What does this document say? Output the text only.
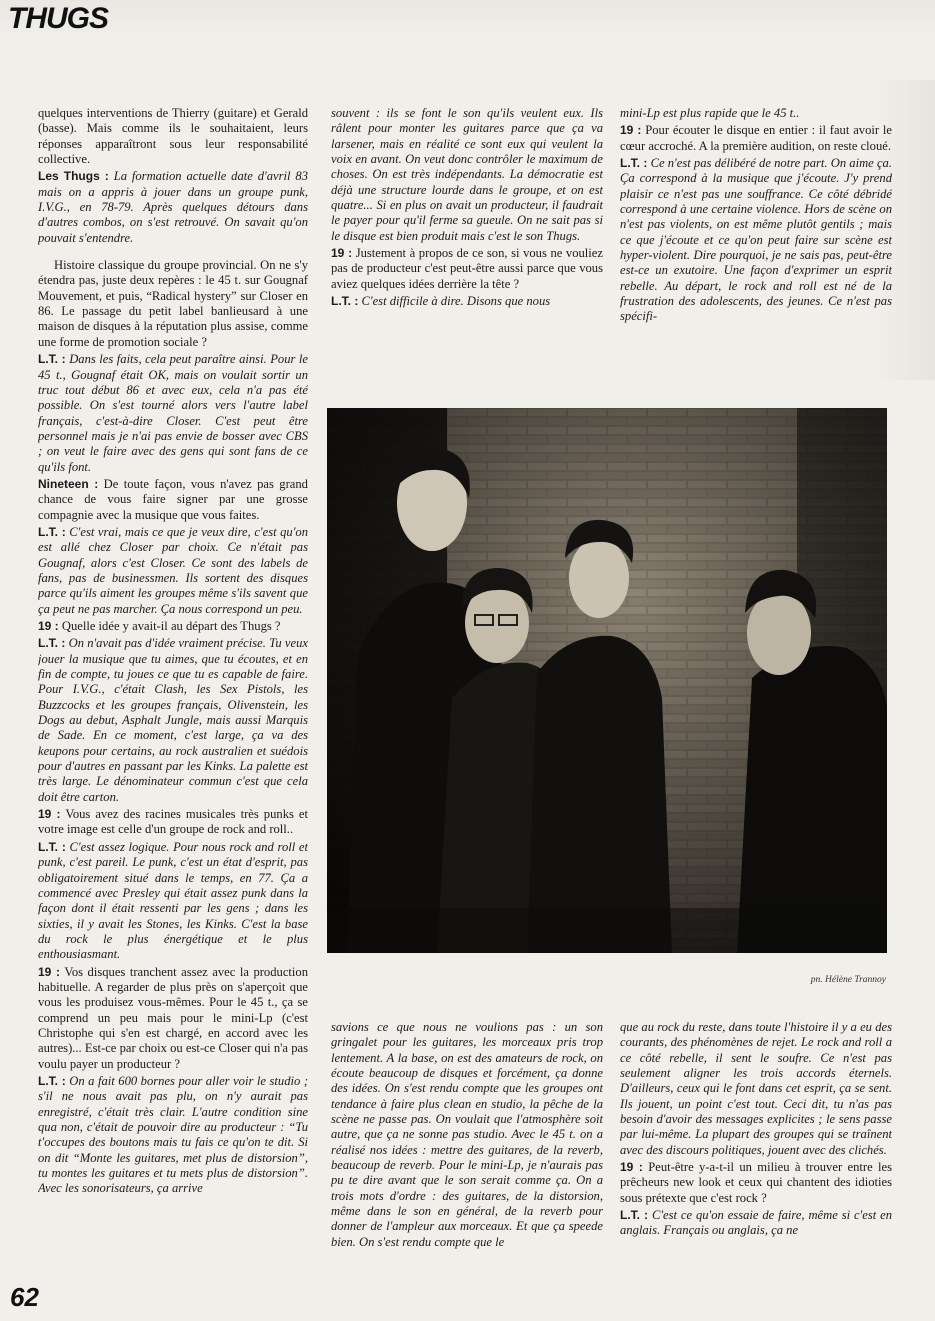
THUGS

quelques interventions de Thierry (guitare) et Gerald (basse). Mais comme ils le souhaitaient, leurs réponses apparaîtront sous leur responsabilité collective.

Les Thugs : La formation actuelle date d'avril 83 mais on a appris à jouer dans un groupe punk, I.V.G., en 78-79. Après quelques détours dans d'autres combos, on s'est retrouvé. On savait qu'on pouvait s'entendre.

Histoire classique du groupe provincial. On ne s'y étendra pas, juste deux repères : le 45 t. sur Gougnaf Mouvement, et puis, “Radical hystery” sur Closer en 86. Le passage du petit label banlieusard à une maison de disques à la réputation plus assise, comme une forme de promotion sociale ?

L.T. : Dans les faits, cela peut paraître ainsi. Pour le 45 t., Gougnaf était OK, mais on voulait sortir un truc tout début 86 et avec eux, cela n'a pas été possible. On s'est tourné alors vers l'autre label français, c'est-à-dire Closer. C'est peut être personnel mais je n'ai pas envie de bosser avec CBS ; on veut le faire avec des gens qui sont fans de ce qu'ils font.

Nineteen : De toute façon, vous n'avez pas grand chance de vous faire signer par une grosse compagnie avec la musique que vous faites.

L.T. : C'est vrai, mais ce que je veux dire, c'est qu'on est allé chez Closer par choix. Ce n'était pas Gougnaf, alors c'est Closer. Ce sont des labels de fans, pas de businessmen. Ils sortent des disques parce qu'ils aiment les groupes même s'ils savent que ça peut ne pas marcher. Ça nous correspond un peu.

19 : Quelle idée y avait-il au départ des Thugs ?

L.T. : On n'avait pas d'idée vraiment précise. Tu veux jouer la musique que tu aimes, que tu écoutes, et en fin de compte, tu joues ce que tu es capable de faire. Pour I.V.G., c'était Clash, les Sex Pistols, les Buzzcocks et les groupes français, Olivenstein, les Dogs au debut, Asphalt Jungle, mais aussi Marquis de Sade. En ce moment, c'est large, ça va des keupons pour certains, au rock australien et suédois pour d'autres en passant par les Kinks. La palette est très large. Le dénominateur commun c'est que cela doit être carton.

19 : Vous avez des racines musicales très punks et votre image est celle d'un groupe de rock and roll..

L.T. : C'est assez logique. Pour nous rock and roll et punk, c'est pareil. Le punk, c'est un état d'esprit, pas obligatoirement situé dans le temps, en 77. Ça a commencé avec Presley qui était assez punk dans la façon dont il était ressenti par les gens ; dans les sixties, il y avait les Stones, les Kinks. C'est la base du rock le plus énergétique et le plus enthousiasmant.

19 : Vos disques tranchent assez avec la production habituelle. A regarder de plus près on s'aperçoit que vous les produisez vous-mêmes. Pour le 45 t., ça se comprend un peu mais pour le mini-Lp (c'est Christophe qui s'en est chargé, en accord avec les autres)... Est-ce par choix ou est-ce Closer qui n'a pas voulu payer un producteur ?

L.T. : On a fait 600 bornes pour aller voir le studio ; s'il ne nous avait pas plu, on n'y aurait pas enregistré, c'était très clair. L'autre condition sine qua non, c'était de pouvoir dire au producteur : “Tu t'occupes des boutons mais tu fais ce qu'on te dit. Si on dit “Monte les guitares, met plus de distorsion”, tu montes les guitares et tu mets plus de distorsion”. Avec les sonorisateurs, ça arrive

souvent : ils se font le son qu'ils veulent eux. Ils râlent pour monter les guitares parce que ça va larsener, mais en réalité ce sont eux qui veulent la voix en avant. On veut donc contrôler le maximum de choses. On est très indépendants. La démocratie est déjà une structure lourde dans le groupe, et on est quatre... Si en plus on avait un producteur, il faudrait le payer pour qu'il ferme sa gueule. On ne sait pas si le disque est bien produit mais c'est le son Thugs.

19 : Justement à propos de ce son, si vous ne vouliez pas de producteur c'est peut-être aussi parce que vous aviez quelques idées derrière la tête ?

L.T. : C'est difficile à dire. Disons que nous

mini-Lp est plus rapide que le 45 t..

19 : Pour écouter le disque en entier : il faut avoir le cœur accroché. A la première audition, on reste cloué.

L.T. : Ce n'est pas délibéré de notre part. On aime ça. Ça correspond à la musique que j'écoute. J'y prend plaisir ce n'est pas une souffrance. Ce côté débridé correspond à une certaine violence. Hors de scène on n'est pas violents, on est même plutôt gentils ; mais ce que j'écoute et ce qu'on peut faire sur scène est hyper-violent. Dire pourquoi, je ne sais pas, peut-être est-ce un exutoire. Une façon d'exprimer un esprit rebelle. Au départ, le rock and roll est né de la frustration des adolescents, des jeunes. Ce n'est pas spécifi-

pn. Hélène Trannoy

savions ce que nous ne voulions pas : un son gringalet pour les guitares, les morceaux pris trop lentement. A la base, on est des amateurs de rock, on écoute beaucoup de disques et forcément, ça donne des idées. On s'est rendu compte que les groupes ont tendance à faire plus clean en studio, la pêche de la scène ne passe pas. On voulait que l'atmosphère soit autre, que ça ne sonne pas studio. Avec le 45 t. on a réalisé nos idées : mettre des guitares, de la reverb, beaucoup de reverb. Pour le mini-Lp, je n'aurais pas pu te dire avant que le son serait comme ça. On a trois mots d'ordre : des guitares, de la distorsion, même dans le son en général, de la reverb pour donner de l'ampleur aux morceaux. Et que ça speede bien. On s'est rendu compte que le

que au rock du reste, dans toute l'histoire il y a eu des courants, des phénomènes de rejet. Le rock and roll a ce côté rebelle, il sent le soufre. Ce n'est pas seulement aligner les trois accords éternels. D'ailleurs, ceux qui le font dans cet esprit, ça se sent. Ils jouent, un point c'est tout. Ceci dit, tu n'as pas besoin d'avoir des messages explicites ; le sens passe par lui-même. La plupart des groupes qui se traînent avec des discours politiques, jouent avec des clichés.

19 : Peut-être y-a-t-il un milieu à trouver entre les prêcheurs new look et ceux qui chantent des idioties sous prétexte que c'est rock ?

L.T. : C'est ce qu'on essaie de faire, même si c'est en anglais. Français ou anglais, ça ne

62
